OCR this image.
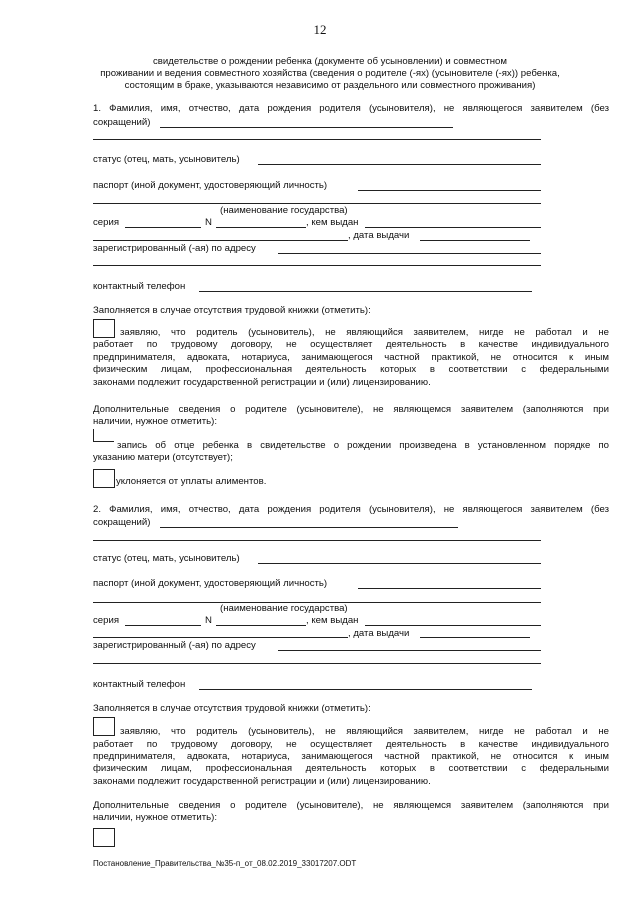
12
свидетельстве о рождении ребенка (документе об усыновлении) и совместном
проживании и ведения совместного хозяйства (сведения о родителе (-ях) (усыновителе (-ях)) ребенка,
состоящим в браке, указываются независимо от раздельного или совместного проживания)
1. Фамилия, имя, отчество, дата рождения родителя (усыновителя), не являющегося заявителем (без
сокращений)
статус (отец, мать, усыновитель)
паспорт (иной документ, удостоверяющий личность)
(наименование государства)
серия	N	, кем выдан
, дата выдачи
зарегистрированный (-ая) по адресу
контактный телефон
Заполняется в случае отсутствия трудовой книжки (отметить):
заявляю, что родитель (усыновитель), не являющийся заявителем, нигде не работал и не
работает по трудовому договору, не осуществляет деятельность в качестве индивидуального
предпринимателя, адвоката, нотариуса, занимающегося частной практикой, не относится к иным
физическим лицам, профессиональная деятельность которых в соответствии с федеральными
законами подлежит государственной регистрации и (или) лицензированию.
Дополнительные сведения о родителе (усыновителе), не являющемся заявителем (заполняются при
наличии, нужное отметить):
запись об отце ребенка в свидетельстве о рождении произведена в установленном порядке по
указанию матери (отсутствует);
уклоняется от уплаты алиментов.
2. Фамилия, имя, отчество, дата рождения родителя (усыновителя), не являющегося заявителем (без
сокращений)
статус (отец, мать, усыновитель)
паспорт (иной документ, удостоверяющий личность)
(наименование государства)
серия	N	, кем выдан
, дата выдачи
зарегистрированный (-ая) по адресу
контактный телефон
Заполняется в случае отсутствия трудовой книжки (отметить):
заявляю, что родитель (усыновитель), не являющийся заявителем, нигде не работал и не
работает по трудовому договору, не осуществляет деятельность в качестве индивидуального
предпринимателя, адвоката, нотариуса, занимающегося частной практикой, не относится к иным
физическим лицам, профессиональная деятельность которых в соответствии с федеральными
законами подлежит государственной регистрации и (или) лицензированию.
Дополнительные сведения о родителе (усыновителе), не являющемся заявителем (заполняются при
наличии, нужное отметить):
Постановление_Правительства_№35-п_от_08.02.2019_33017207.ODT
